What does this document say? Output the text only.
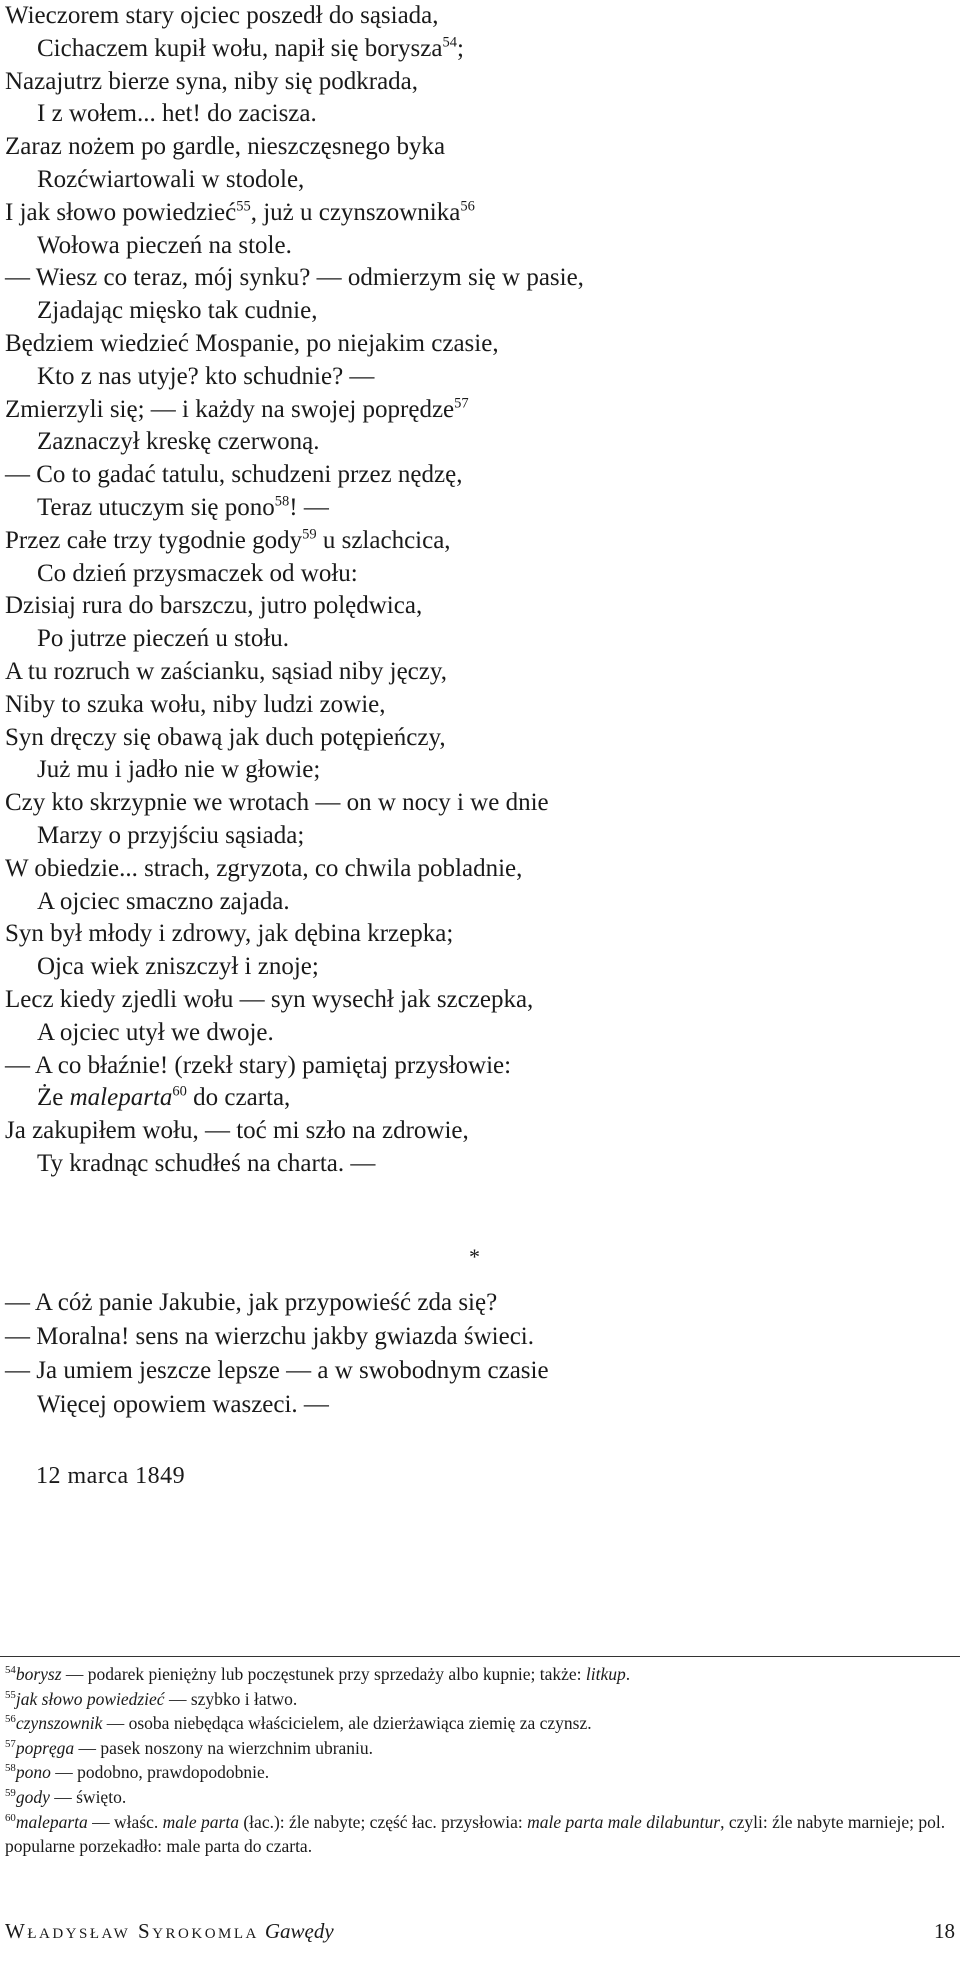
Wieczorem stary ojciec poszedł do sąsiada,
Cichaczem kupił wołu, napił się borysza$^{54}$;
Nazajutrz bierze syna, niby się podkrada,
I z wołem... het! do zacisza.
Zaraz nożem po gardle, nieszczęsnego byka
Rozćwiartowali w stodole,
I jak słowo powiedzieć$^{55}$, już u czynszownika$^{56}$
Wołowa pieczeń na stole.
— Wiesz co teraz, mój synku? — odmierzym się w pasie,
Zjadając mięsko tak cudnie,
Będziem wiedzieć Mospanie, po niejakim czasie,
Kto z nas utyje? kto schudnie? —
Zmierzyli się; — i każdy na swojej poprędze$^{57}$
Zaznaczył kreskę czerwoną.
— Co to gadać tatulu, schudzeni przez nędzę,
Teraz utuczym się pono$^{58}$! —
Przez całe trzy tygodnie gody$^{59}$ u szlachcica,
Co dzień przysmaczek od wołu:
Dzisiaj rura do barszczu, jutro polędwica,
Po jutrze pieczeń u stołu.
A tu rozruch w zaścianku, sąsiad niby jęczy,
Niby to szuka wołu, niby ludzi zowie,
Syn dręczy się obawą jak duch potępieńczy,
Już mu i jadło nie w głowie;
Czy kto skrzypnie we wrotach — on w nocy i we dnie
Marzy o przyjściu sąsiada;
W obiedzie... strach, zgryzota, co chwila pobladnie,
A ojciec smaczno zajada.
Syn był młody i zdrowy, jak dębina krzepka;
Ojca wiek zniszczył i znoje;
Lecz kiedy zjedli wołu — syn wysechł jak szczepka,
A ojciec utył we dwoje.
— A co błaźnie! (rzekł stary) pamiętaj przysłowie:
Że maleparta$^{60}$ do czarta,
Ja zakupiłem wołu, — toć mi szło na zdrowie,
Ty kradnąc schudłeś na charta. —
*
— A cóż panie Jakubie, jak przypowieść zda się?
— Moralna! sens na wierzchu jakby gwiazda świeci.
— Ja umiem jeszcze lepsze — a w swobodnym czasie
Więcej opowiem waszeci. —
12 marca 1849
$^{54}$borysz — podarek pieniężny lub poczęstunek przy sprzedaży albo kupnie; także: litkup.
$^{55}$jak słowo powiedzieć — szybko i łatwo.
$^{56}$czynszownik — osoba niebędąca właścicielem, ale dzierżawiąca ziemię za czynsz.
$^{57}$popręga — pasek noszony na wierzchnim ubraniu.
$^{58}$pono — podobno, prawdopodobnie.
$^{59}$gody — święto.
$^{60}$maleparta — właśc. male parta (łac.): źle nabyte; część łac. przysłowia: male parta male dilabuntur, czyli: źle nabyte marnieje; pol. popularne porzekadło: male parta do czarta.
Władysław Syrokomla Gawędy	18
